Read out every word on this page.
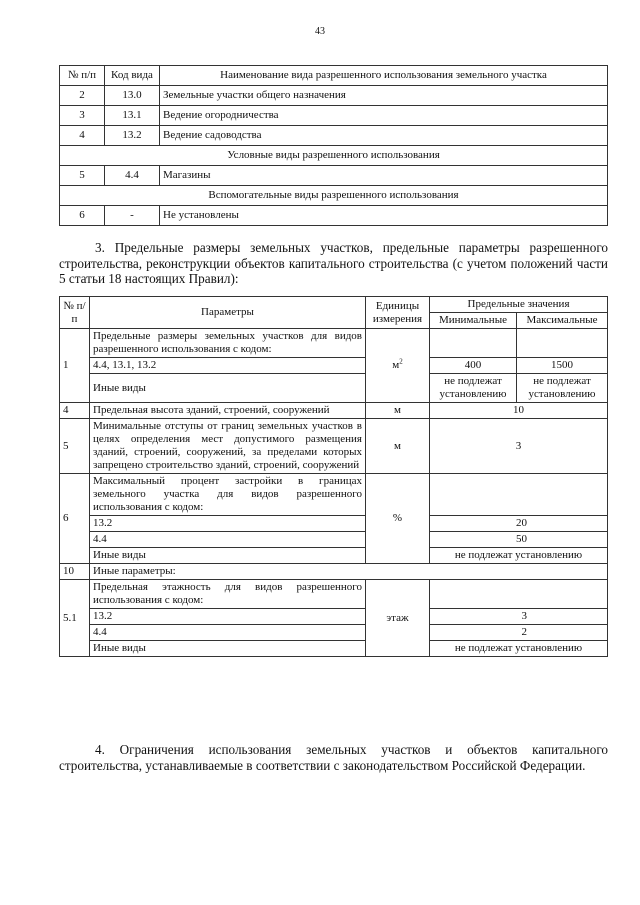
43
№ п/п	Код вида	Наименование вида разрешенного использования земельного участка
2	13.0	Земельные участки общего назначения
3	13.1	Ведение огородничества
4	13.2	Ведение садоводства
Условные виды разрешенного использования		
5	4.4	Магазины
Вспомогательные виды разрешенного использования		
6	-	Не установлены
3. Предельные размеры земельных участков, предельные параметры разрешенного строительства, реконструкции объектов капитального строительства (с учетом положений части 5 статьи 18 настоящих Правил):
№ п/п	Параметры	Единицы измерения	Предельные значения	
			Минимальные	Максимальные
1	Предельные размеры земельных участков для видов разрешенного использования с кодом:	$м^2$		
	4.4, 13.1, 13.2		400	1500
	Иные виды		не подлежат установлению	не подлежат установлению
4	Предельная высота зданий, строений, сооружений	м	10	
5	Минимальные отступы от границ земельных участков в целях определения мест допустимого размещения зданий, строений, сооружений, за пределами которых запрещено строительство зданий, строений, сооружений	м	3	
6	Максимальный процент застройки в границах земельного участка для видов разрешенного использования с кодом:	%		
	13.2		20	
	4.4		50	
	Иные виды		не подлежат установлению	
10	Иные параметры:			
5.1	Предельная этажность для видов разрешенного использования с кодом:	этаж		
	13.2		3	
	4.4		2	
	Иные виды		не подлежат установлению	
4. Ограничения использования земельных участков и объектов капитального строительства, устанавливаемые в соответствии с законодательством Российской Федерации.
